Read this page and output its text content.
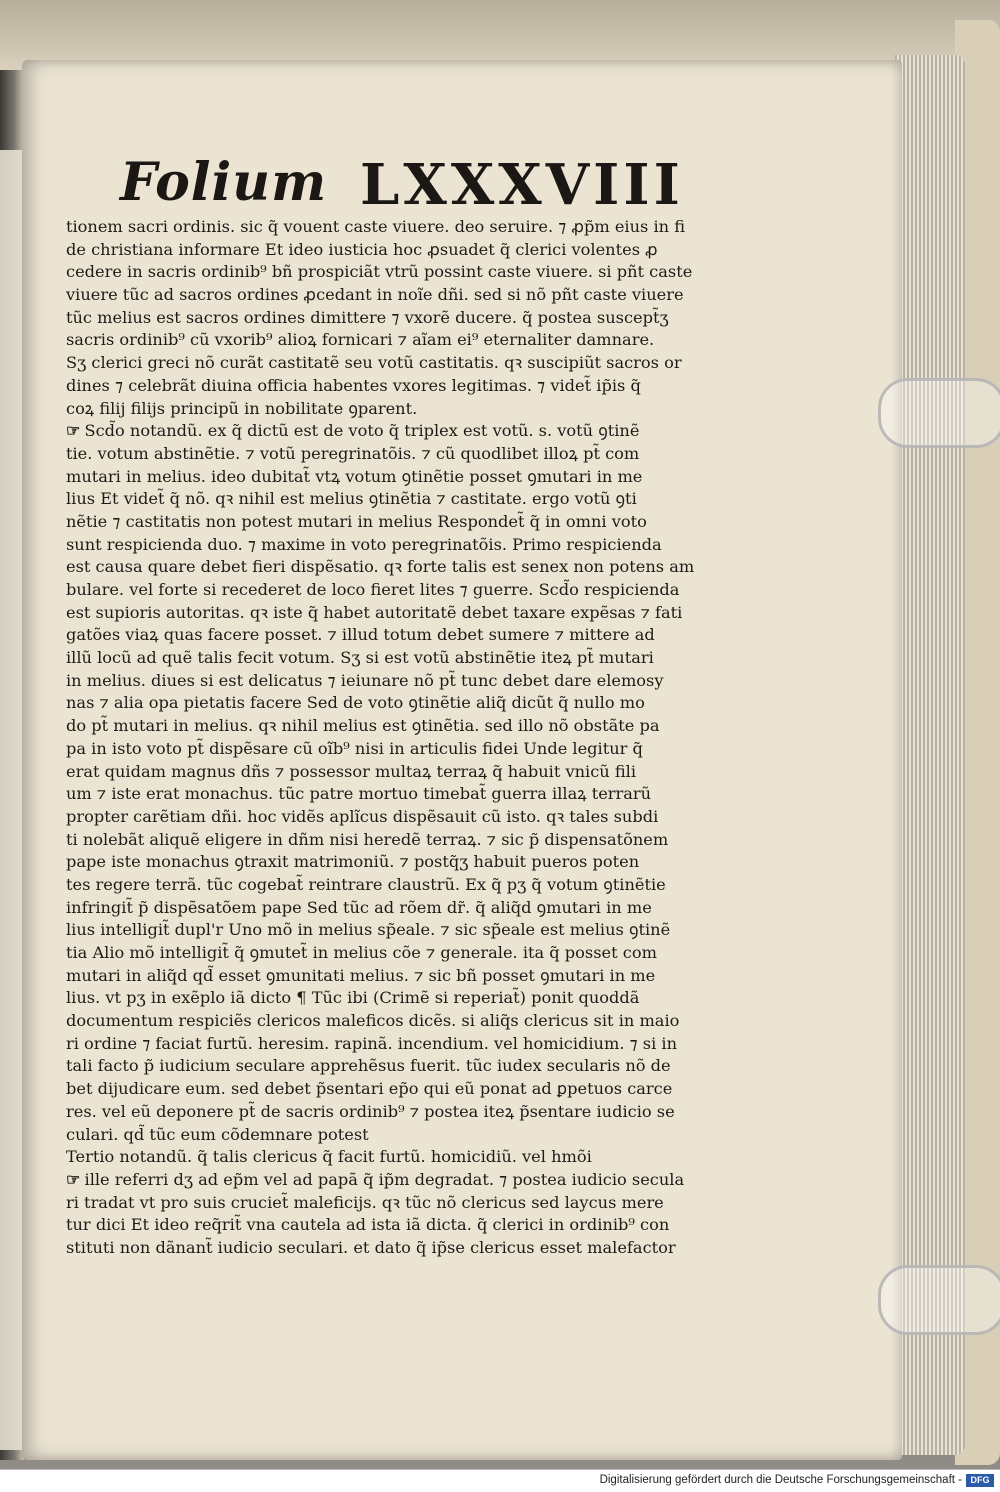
Folium LXXXVIII
tionem sacri ordinis. sic q̃ vouent caste viuere. deo seruire. ⁊ ꝓp̃m eius in fi
de christiana informare Et ideo iusticia hoc ꝓsuadet q̃ clerici volentes ꝓ
cedere in sacris ordinib⁹ bñ prospiciãt vtrũ possint caste viuere. si pñt caste
viuere tũc ad sacros ordines ꝓcedant in noĩe dñi. sed si nõ pñt caste viuere
tũc melius est sacros ordines dimittere ⁊ vxorẽ ducere. q̃ postea suscept̃ʒ
sacris ordinib⁹ cũ vxorib⁹ alioꝝ fornicari ⁊ aĩam ei⁹ eternaliter damnare.
Sʒ clerici greci nõ curãt castitatẽ seu votũ castitatis. qꝛ suscipiũt sacros or
dines ⁊ celebrãt diuina officia habentes vxores legitimas. ⁊ videt̃ ip̃is q̃
coꝝ filij filijs principũ in nobilitate ꝯparent.
☞ Scd̃o notandũ. ex q̃ dictũ est de voto q̃ triplex est votũ. s. votũ ꝯtinẽ
tie. votum abstinẽtie. ⁊ votũ peregrinatõis. ⁊ cũ quodlibet illoꝝ pt̃ com
mutari in melius. ideo dubitat̃ vtꝝ votum ꝯtinẽtie posset ꝯmutari in me
lius Et videt̃ q̃ nõ. qꝛ nihil est melius ꝯtinẽtia ⁊ castitate. ergo votũ ꝯti
nẽtie ⁊ castitatis non potest mutari in melius Respondet̃ q̃ in omni voto
sunt respicienda duo. ⁊ maxime in voto peregrinatõis. Primo respicienda
est causa quare debet fieri dispẽsatio. qꝛ forte talis est senex non potens am
bulare. vel forte si recederet de loco fieret lites ⁊ guerre. Scd̃o respicienda
est supioris autoritas. qꝛ iste q̃ habet autoritatẽ debet taxare expẽsas ⁊ fati
gatões viaꝝ quas facere posset. ⁊ illud totum debet sumere ⁊ mittere ad
illũ locũ ad quẽ talis fecit votum. Sʒ si est votũ abstinẽtie iteꝝ pt̃ mutari
in melius. diues si est delicatus ⁊ ieiunare nõ pt̃ tunc debet dare elemosy
nas ⁊ alia opa pietatis facere Sed de voto ꝯtinẽtie aliq̃ dicũt q̃ nullo mo
do pt̃ mutari in melius. qꝛ nihil melius est ꝯtinẽtia. sed illo nõ obstãte pa
pa in isto voto pt̃ dispẽsare cũ oĩb⁹ nisi in articulis fidei Unde legitur q̃
erat quidam magnus dñs ⁊ possessor multaꝝ terraꝝ q̃ habuit vnicũ fili
um ⁊ iste erat monachus. tũc patre mortuo timebat̃ guerra illaꝝ terrarũ
propter carẽtiam dñi. hoc vidẽs aplĩcus dispẽsauit cũ isto. qꝛ tales subdi
ti nolebãt aliquẽ eligere in dñm nisi heredẽ terraꝝ. ⁊ sic p̃ dispensatõnem
pape iste monachus ꝯtraxit matrimoniũ. ⁊ postq̃ʒ habuit pueros poten
tes regere terrã. tũc cogebat̃ reintrare claustrũ. Ex q̃ pʒ q̃ votum ꝯtinẽtie
infringit̃ p̃ dispẽsatõem pape Sed tũc ad rõem dr̃. q̃ aliq̃d ꝯmutari in me
lius intelligit̃ dupl'r Uno mõ in melius sp̃eale. ⁊ sic sp̃eale est melius ꝯtinẽ
tia Alio mõ intelligit̃ q̃ ꝯmutet̃ in melius cõe ⁊ generale. ita q̃ posset com
mutari in aliq̃d qd̃ esset ꝯmunitati melius. ⁊ sic bñ posset ꝯmutari in me
lius. vt pʒ in exẽplo iã dicto ¶ Tũc ibi (Crimẽ si reperiat̃) ponit quoddã
documentum respiciẽs clericos maleficos dicẽs. si aliq̃s clericus sit in maio
ri ordine ⁊ faciat furtũ. heresim. rapinã. incendium. vel homicidium. ⁊ si in
tali facto p̃ iudicium seculare apprehẽsus fuerit. tũc iudex secularis nõ de
bet dijudicare eum. sed debet p̃sentari ep̃o qui eũ ponat ad ꝑpetuos carce
res. vel eũ deponere pt̃ de sacris ordinib⁹ ⁊ postea iteꝝ p̃sentare iudicio se
culari. qd̃ tũc eum cõdemnare potest
Tertio notandũ. q̃ talis clericus q̃ facit furtũ. homicidiũ. vel hmõi
☞ ille referri dʒ ad ep̃m vel ad papã q̃ ip̃m degradat. ⁊ postea iudicio secula
ri tradat vt pro suis cruciet̃ maleficijs. qꝛ tũc nõ clericus sed laycus mere
tur dici Et ideo req̃rit̃ vna cautela ad ista iã dicta. q̃ clerici in ordinib⁹ con
stituti non dãnant̃ iudicio seculari. et dato q̃ ip̃se clericus esset malefactor
Digitalisierung gefördert durch die Deutsche Forschungsgemeinschaft - DFG
